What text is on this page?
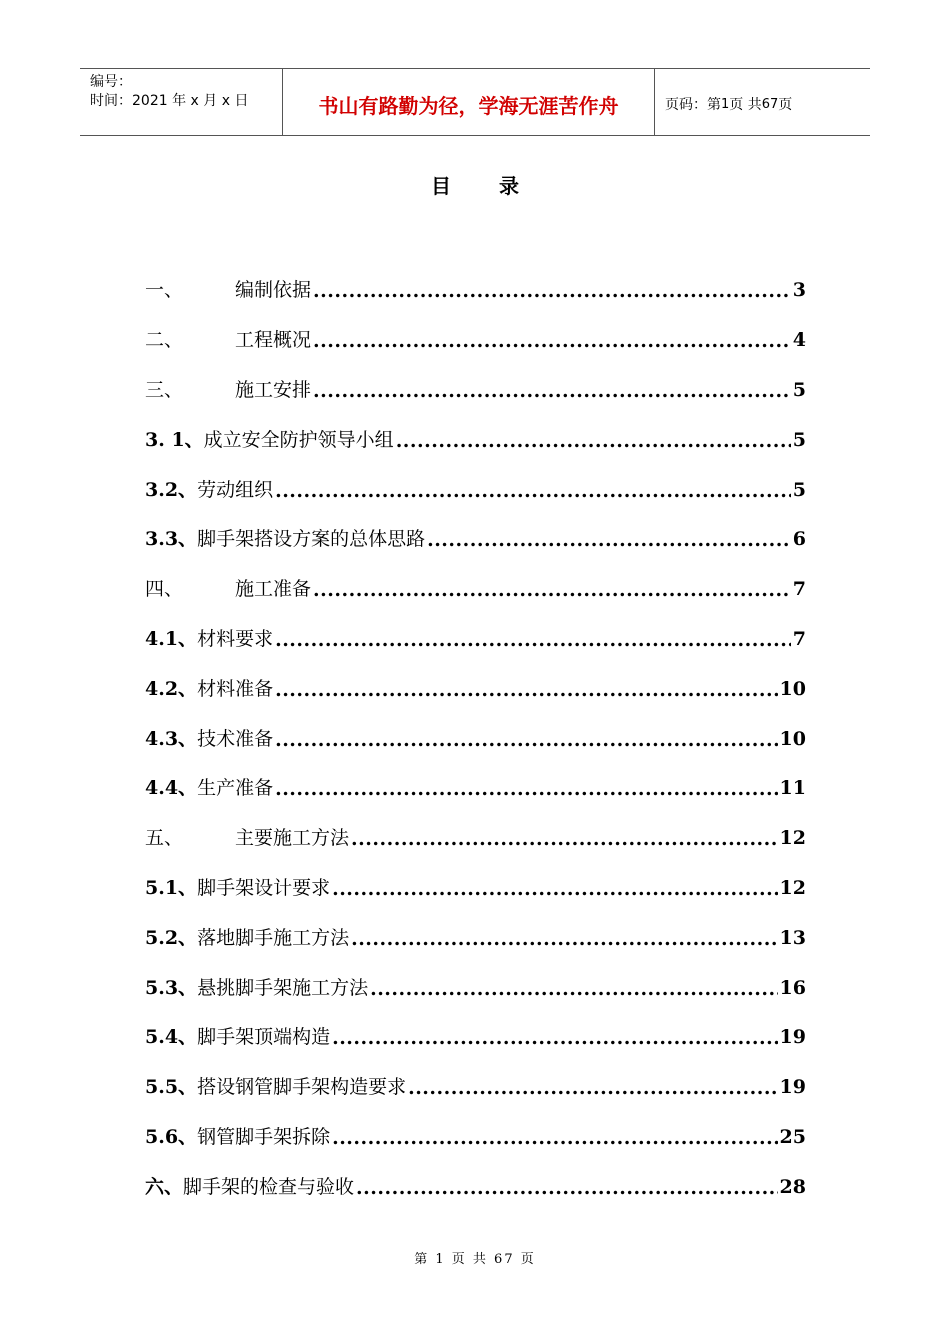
编号：
时间：2021 年 x 月 x 日	书山有路勤为径，学海无涯苦作舟	页码：第 1 页 共 67 页
目录
一、	编制依据 .....	3
二、	工程概况 .....	4
三、	施工安排 .....	5
3. 1、 成立安全防护领导小组 .....	5
3.2、 劳动组织 .....	5
3.3、 脚手架搭设方案的总体思路 .....	6
四、	施工准备 .....	7
4.1、 材料要求 .....	7
4.2、 材料准备 .....	10
4.3、 技术准备 .....	10
4.4、 生产准备 .....	11
五、	主要施工方法 .....	12
5.1、 脚手架设计要求 .....	12
5.2、 落地脚手施工方法 .....	13
5.3、 悬挑脚手架施工方法 .....	16
5.4、 脚手架顶端构造 .....	19
5.5、 搭设钢管脚手架构造要求 .....	19
5.6、 钢管脚手架拆除 .....	25
六、 脚手架的检查与验收 .....	28
第 1 页 共 67 页
